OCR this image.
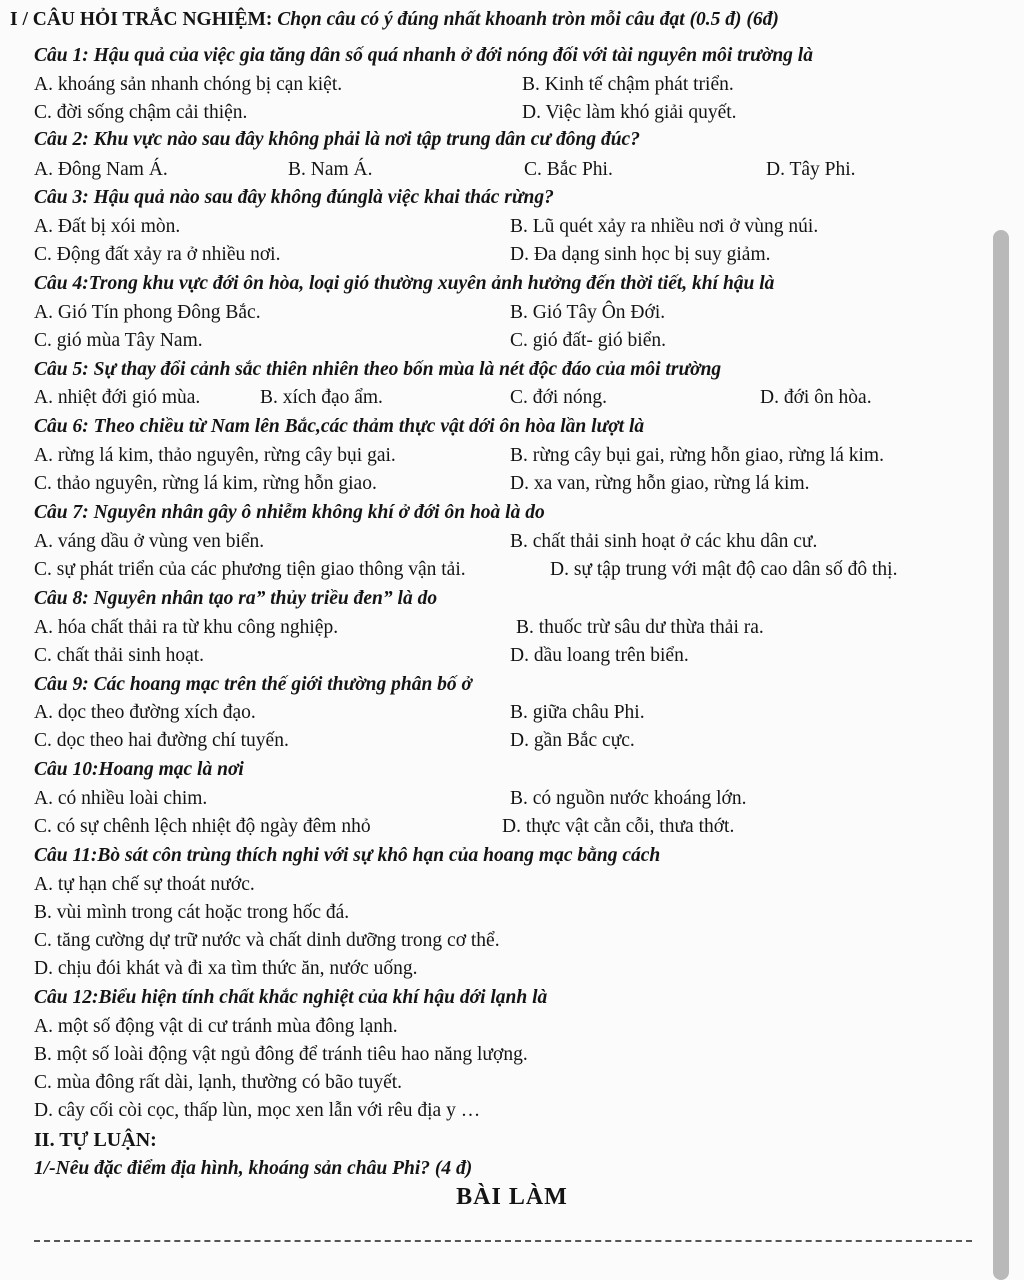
I / CÂU HỎI TRẮC NGHIỆM: Chọn câu có ý đúng nhất khoanh tròn mỗi câu đạt (0.5 đ) (6đ)
Câu 1: Hậu quả của việc gia tăng dân số quá nhanh ở đới nóng đối với tài nguyên môi trường là
A. khoáng sản nhanh chóng bị cạn kiệt.	B. Kinh tế chậm phát triển.
C. đời sống chậm cải thiện.	D. Việc làm khó giải quyết.
Câu 2: Khu vực nào sau đây không phải là nơi tập trung dân cư đông đúc?
A. Đông Nam Á.	B. Nam Á.	C. Bắc Phi.	D. Tây Phi.
Câu 3: Hậu quả nào sau đây không đúnglà việc khai thác rừng?
A. Đất bị xói mòn.	B. Lũ quét xảy ra nhiều nơi ở vùng núi.
C. Động đất xảy ra ở nhiều nơi.	D. Đa dạng sinh học bị suy giảm.
Câu 4:Trong khu vực đới ôn hòa, loại gió thường xuyên ảnh hưởng đến thời tiết, khí hậu là
A. Gió Tín phong Đông Bắc.	B. Gió Tây Ôn Đới.
C. gió mùa Tây Nam.	C. gió đất- gió biển.
Câu 5: Sự thay đổi cảnh sắc thiên nhiên theo bốn mùa là nét độc đáo của môi trường
A. nhiệt đới gió mùa.	B. xích đạo ẩm.	C. đới nóng.	D. đới ôn hòa.
Câu 6: Theo chiều từ Nam lên Bắc,các thảm thực vật dới ôn hòa lần lượt là
A. rừng lá kim, thảo nguyên, rừng cây bụi gai.	B. rừng cây bụi gai, rừng hỗn giao, rừng lá kim.
C. thảo nguyên, rừng lá kim, rừng hỗn giao.	D. xa van, rừng hỗn giao, rừng lá kim.
Câu 7: Nguyên nhân gây ô nhiễm không khí ở đới ôn hoà là do
A. váng dầu ở vùng ven biển.	B. chất thải sinh hoạt ở các khu dân cư.
C. sự phát triển của các phương tiện giao thông vận tải.	D. sự tập trung với mật độ cao dân số đô thị.
Câu 8: Nguyên nhân tạo ra” thủy triều đen” là do
A. hóa chất thải ra từ khu công nghiệp.	B. thuốc trừ sâu dư thừa thải ra.
C. chất thải sinh hoạt.	D. dầu loang trên biển.
Câu 9: Các hoang mạc trên thế giới thường phân bố ở
A. dọc theo đường xích đạo.	B. giữa châu Phi.
C. dọc theo hai đường chí tuyến.	D. gần Bắc cực.
Câu 10:Hoang mạc là nơi
A. có nhiều loài chim.	B. có nguồn nước khoáng lớn.
C. có sự chênh lệch nhiệt độ ngày đêm nhỏ	D. thực vật cằn cỗi, thưa thớt.
Câu 11:Bò sát côn trùng thích nghi với sự khô hạn của hoang mạc bằng cách
A. tự hạn chế sự thoát nước.
B. vùi mình trong cát hoặc trong hốc đá.
C. tăng cường dự trữ nước và chất dinh dưỡng trong cơ thể.
D. chịu đói khát và đi xa tìm thức ăn, nước uống.
Câu 12:Biểu hiện tính chất khắc nghiệt của khí hậu dới lạnh là
A. một số động vật di cư tránh mùa đông lạnh.
B. một số loài động vật ngủ đông để tránh tiêu hao năng lượng.
C. mùa đông rất dài, lạnh, thường có bão tuyết.
D. cây cối còi cọc, thấp lùn, mọc xen lẫn với rêu địa y …
II. TỰ LUẬN:
1/-Nêu đặc điểm địa hình, khoáng sản châu Phi? (4 đ)
BÀI LÀM
